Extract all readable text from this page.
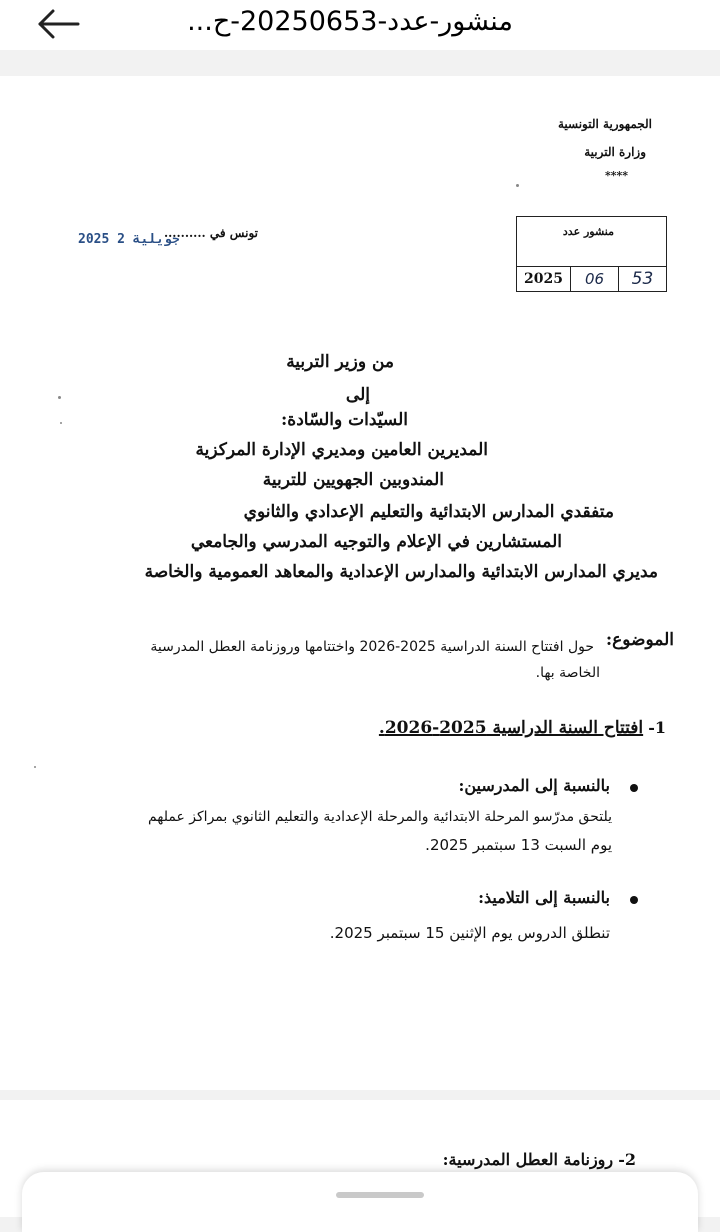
منشور-عدد-20250653-ح...
الجمهورية التونسية
وزارة التربية
****
2025 جويلية 2
تونس في ..........	منشور عدد
2025	06	53
من وزير التربية
إلى
السيّدات والسّادة:
المديرين العامين ومديري الإدارة المركزية
المندوبين الجهويين للتربية
متفقدي المدارس الابتدائية والتعليم الإعدادي والثانوي
المستشارين في الإعلام والتوجيه المدرسي والجامعي
مديري المدارس الابتدائية والمدارس الإعدادية والمعاهد العمومية والخاصة
الموضوع:
حول افتتاح السنة الدراسية 2025-2026 واختتامها وروزنامة العطل المدرسية
الخاصة بها.
1- افتتاح السنة الدراسية 2025-2026.
بالنسبة إلى المدرسين:
يلتحق مدرّسو المرحلة الابتدائية والمرحلة الإعدادية والتعليم الثانوي بمراكز عملهم
يوم السبت 13 سبتمبر 2025.
بالنسبة إلى التلاميذ:
تنطلق الدروس يوم الإثنين 15 سبتمبر 2025.
2- روزنامة العطل المدرسية:
